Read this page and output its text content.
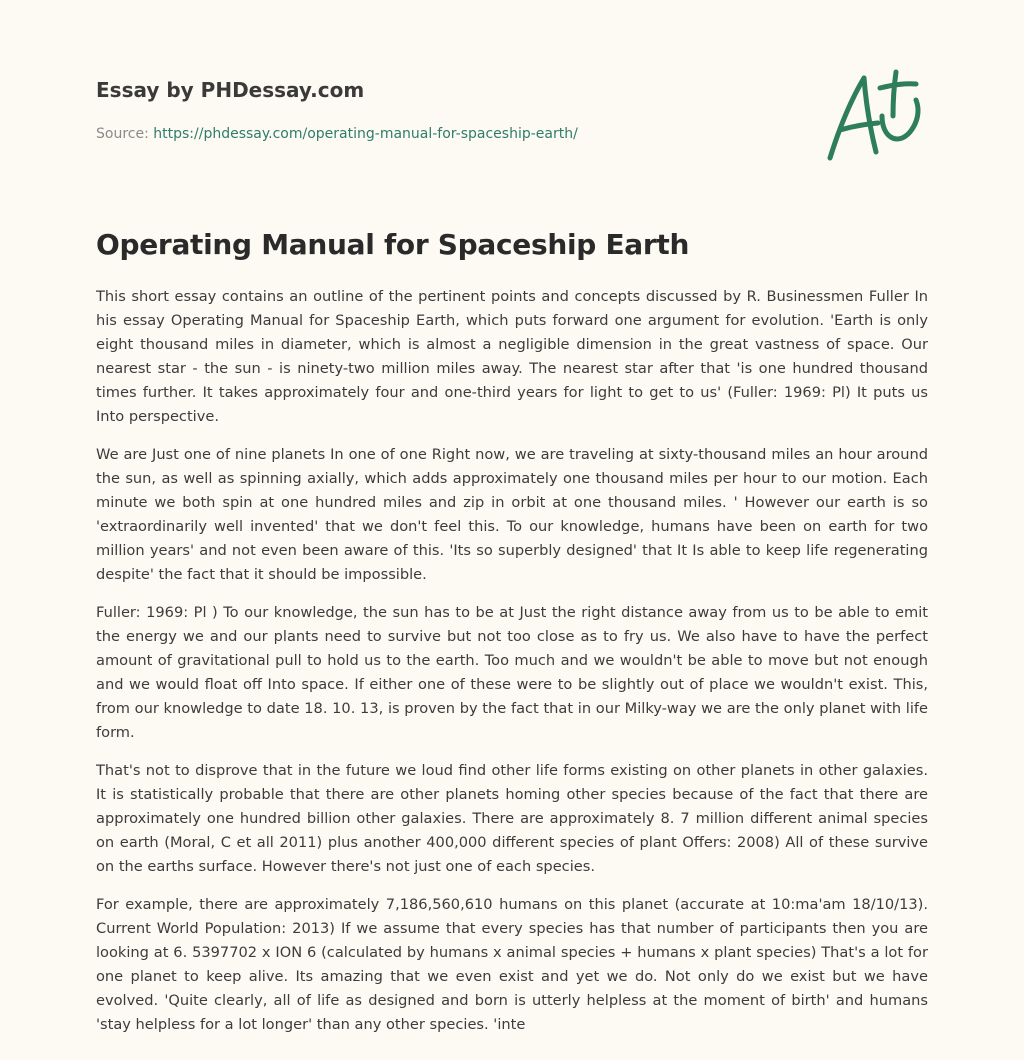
Essay by PHDessay.com
Source: https://phdessay.com/operating-manual-for-spaceship-earth/
Operating Manual for Spaceship Earth

This short essay contains an outline of the pertinent points and concepts discussed by R. Businessmen Fuller In his essay Operating Manual for Spaceship Earth, which puts forward one argument for evolution. 'Earth is only eight thousand miles in diameter, which is almost a negligible dimension in the great vastness of space. Our nearest star - the sun - is ninety-two million miles away. The nearest star after that 'is one hundred thousand times further. It takes approximately four and one-third years for light to get to us' (Fuller: 1969: Pl) It puts us Into perspective.

We are Just one of nine planets In one of one Right now, we are traveling at sixty-thousand miles an hour around the sun, as well as spinning axially, which adds approximately one thousand miles per hour to our motion. Each minute we both spin at one hundred miles and zip in orbit at one thousand miles. ' However our earth is so 'extraordinarily well invented' that we don't feel this. To our knowledge, humans have been on earth for two million years' and not even been aware of this. 'Its so superbly designed' that It Is able to keep life regenerating despite' the fact that it should be impossible.

Fuller: 1969: Pl ) To our knowledge, the sun has to be at Just the right distance away from us to be able to emit the energy we and our plants need to survive but not too close as to fry us. We also have to have the perfect amount of gravitational pull to hold us to the earth. Too much and we wouldn't be able to move but not enough and we would float off Into space. If either one of these were to be slightly out of place we wouldn't exist. This, from our knowledge to date 18. 10. 13, is proven by the fact that in our Milky-way we are the only planet with life form.

That's not to disprove that in the future we loud find other life forms existing on other planets in other galaxies. It is statistically probable that there are other planets homing other species because of the fact that there are approximately one hundred billion other galaxies. There are approximately 8. 7 million different animal species on earth (Moral, C et all 2011) plus another 400,000 different species of plant Offers: 2008) All of these survive on the earths surface. However there's not just one of each species.

For example, there are approximately 7,186,560,610 humans on this planet (accurate at 10:ma'am 18/10/13). Current World Population: 2013) If we assume that every species has that number of participants then you are looking at 6. 5397702 x ION 6 (calculated by humans x animal species + humans x plant species) That's a lot for one planet to keep alive. Its amazing that we even exist and yet we do. Not only do we exist but we have evolved. 'Quite clearly, all of life as designed and born is utterly helpless at the moment of birth' and humans 'stay helpless for a lot longer' than any other species. 'inte
